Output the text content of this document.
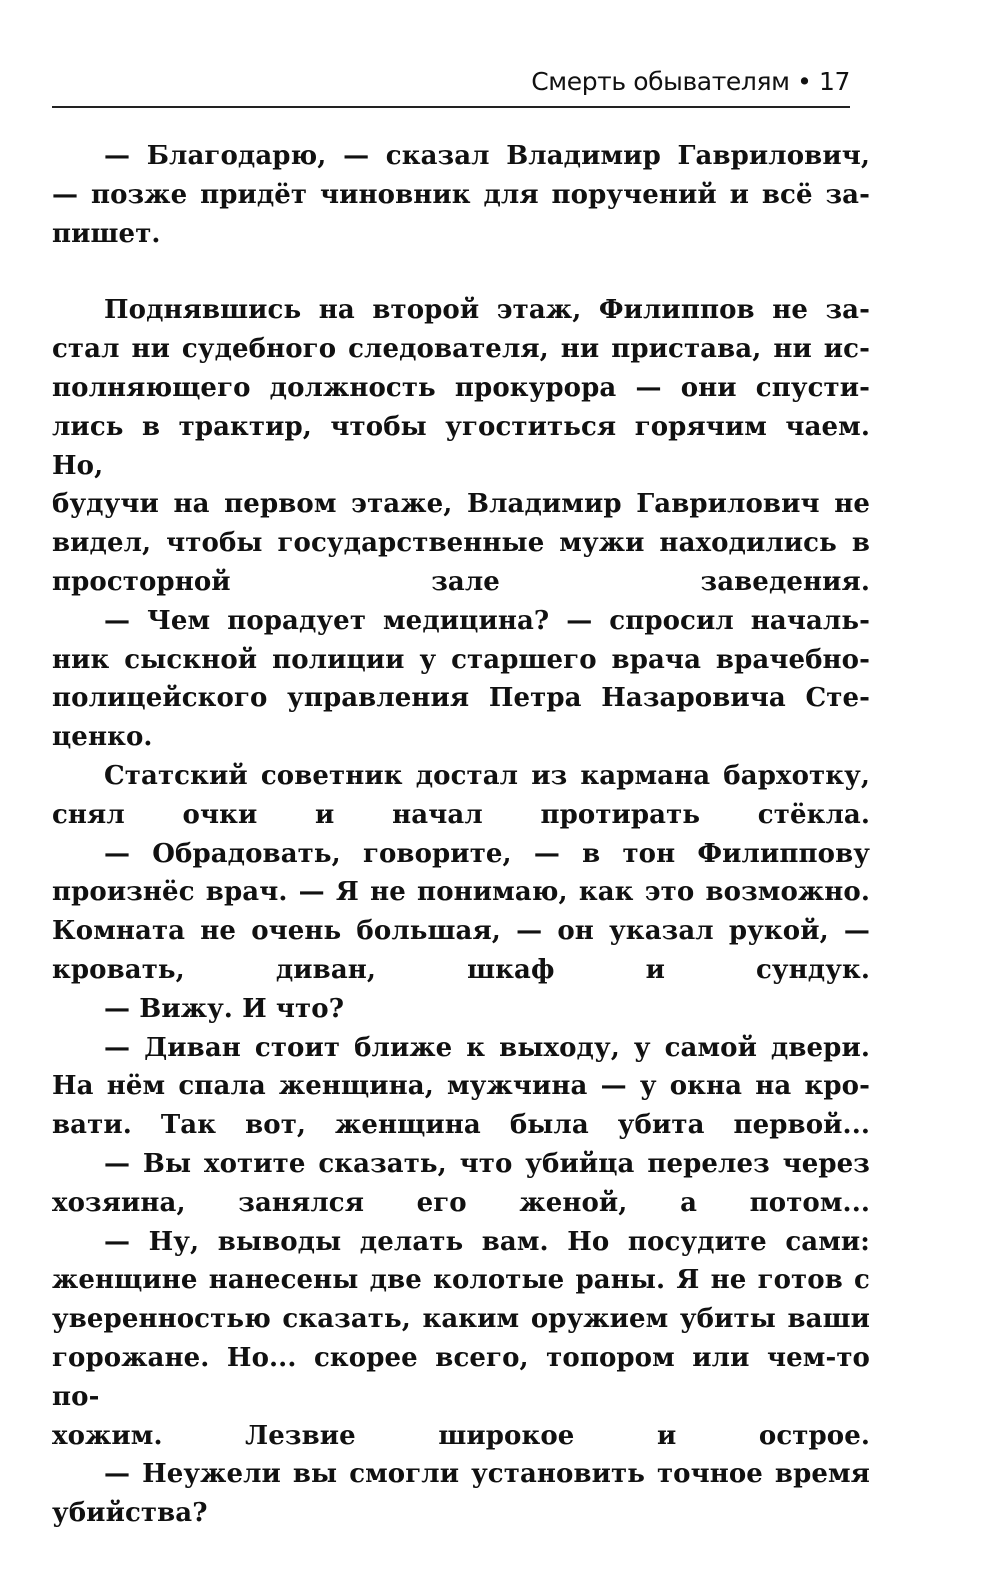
Смерть обывателям • 17

— Благодарю, — сказал Владимир Гаврилович,
— позже придёт чиновник для поручений и всё за-
пишет.

Поднявшись на второй этаж, Филиппов не за-
стал ни судебного следователя, ни пристава, ни ис-
полняющего должность прокурора — они спусти-
лись в трактир, чтобы угоститься горячим чаем. Но,
будучи на первом этаже, Владимир Гаврилович не
видел, чтобы государственные мужи находились в
просторной зале заведения.

— Чем порадует медицина? — спросил началь-
ник сыскной полиции у старшего врача врачебно-
полицейского управления Петра Назаровича Сте-
ценко.

Статский советник достал из кармана бархотку,
снял очки и начал протирать стёкла.

— Обрадовать, говорите, — в тон Филиппову
произнёс врач. — Я не понимаю, как это возможно.
Комната не очень большая, — он указал рукой, —
кровать, диван, шкаф и сундук.

— Вижу. И что?

— Диван стоит ближе к выходу, у самой двери.
На нём спала женщина, мужчина — у окна на кро-
вати. Так вот, женщина была убита первой...

— Вы хотите сказать, что убийца перелез через
хозяина, занялся его женой, а потом...

— Ну, выводы делать вам. Но посудите сами:
женщине нанесены две колотые раны. Я не готов с
уверенностью сказать, каким оружием убиты ваши
горожане. Но... скорее всего, топором или чем-то по-
хожим. Лезвие широкое и острое.

— Неужели вы смогли установить точное время
убийства?
